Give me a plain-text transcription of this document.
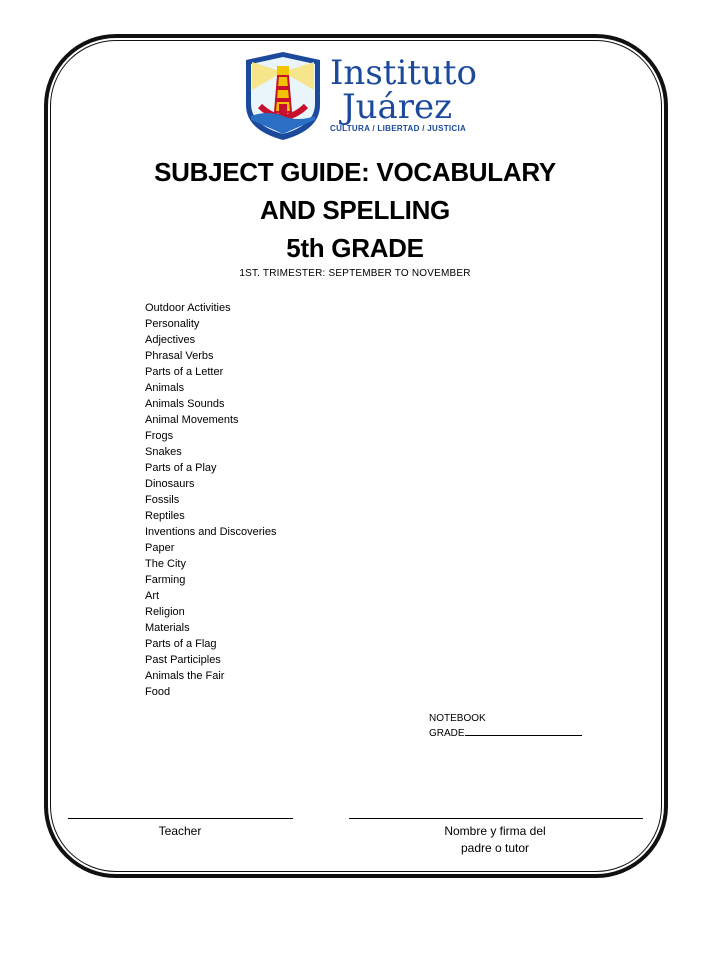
Instituto
Juárez
CULTURA / LIBERTAD / JUSTICIA
SUBJECT GUIDE: VOCABULARY
AND SPELLING
5th GRADE
1ST. TRIMESTER: SEPTEMBER TO NOVEMBER
Outdoor Activities
Personality
Adjectives
Phrasal Verbs
Parts of a Letter
Animals
Animals Sounds
Animal Movements
Frogs
Snakes
Parts of a Play
Dinosaurs
Fossils
Reptiles
Inventions and Discoveries
Paper
The City
Farming
Art
Religion
Materials
Parts of a Flag
Past Participles
Animals the Fair
Food
NOTEBOOK
GRADE
Teacher	Nombre y firma del
padre o tutor
